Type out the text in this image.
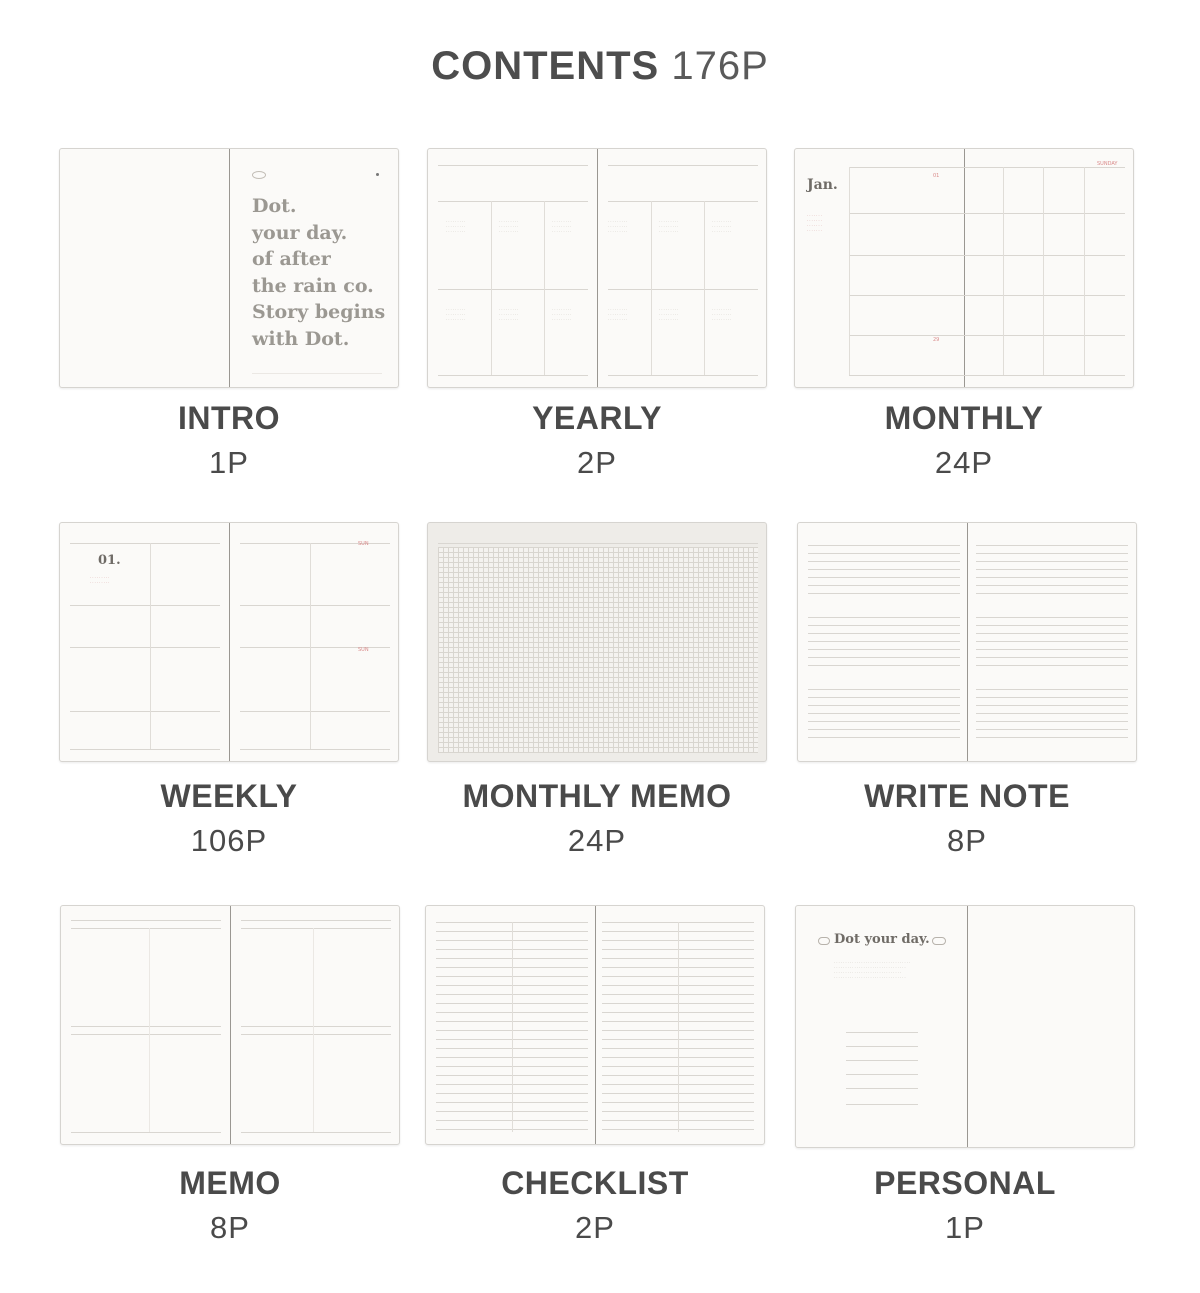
CONTENTS 176P
Dot.
your day.
of after
the rain co.
Story begins
with Dot.
INTRO
1P
·········
·········
·········
·········
·········
·········
·········
·········
·········
·········
·········
·········
·········
·········
·········
·········
·········
·········
·········
·········
·········
·········
·········
·········
·········
·········
·········
·········
·········
·········
·········
·········
·········
·········
·········
·········
YEARLY
2P
Jan.
·······
·······
·······
·······
SUNDAY
01
29
MONTHLY
24P
01.
·········
·········
SUN
SUN
WEEKLY
106P
MONTHLY MEMO
24P
WRITE NOTE
8P
MEMO
8P
CHECKLIST
2P
Dot your day.
··································
································
······························
································
PERSONAL
1P
